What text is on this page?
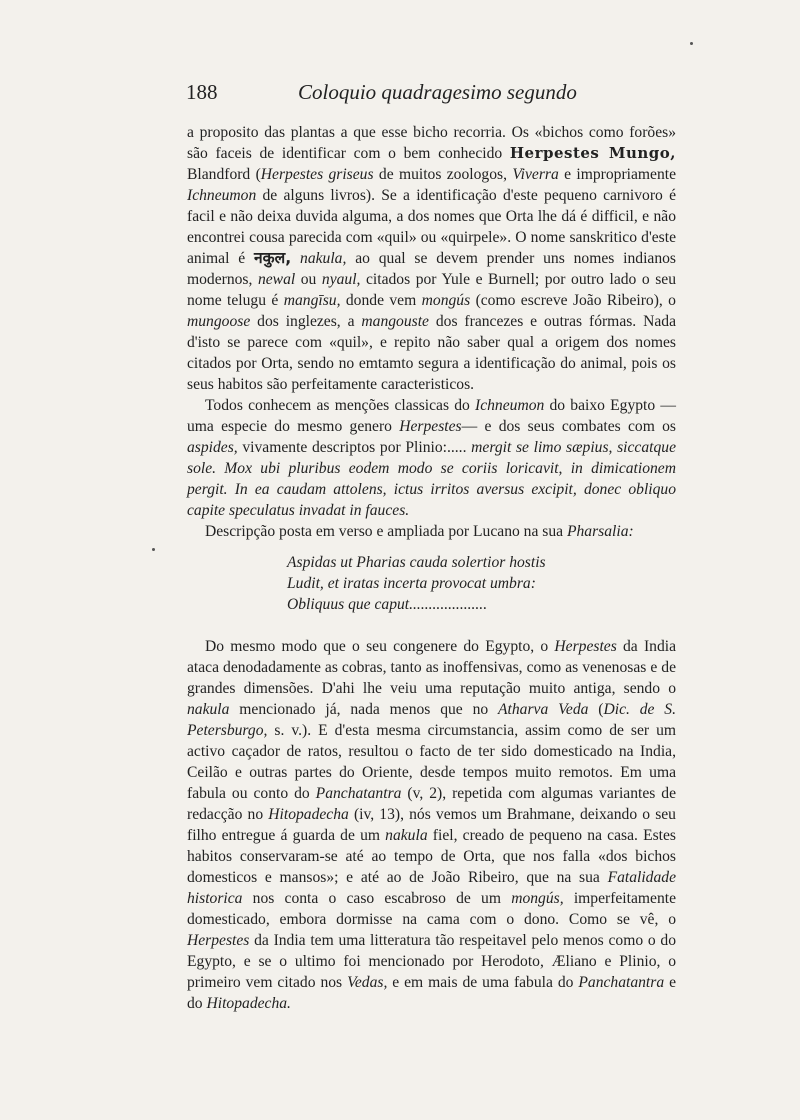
188	Coloquio quadragesimo segundo

a proposito das plantas a que esse bicho recorria. Os «bichos como forões» são faceis de identificar com o bem conhecido Herpestes Mungo, Blandford (Herpestes griseus de muitos zoologos, Viverra e impropriamente Ichneumon de alguns livros). Se a identificação d'este pequeno carnivoro é facil e não deixa duvida alguma, a dos nomes que Orta lhe dá é difficil, e não encontrei cousa parecida com «quil» ou «quirpele». O nome sanskritico d'este animal é नकुल, nakula, ao qual se devem prender uns nomes indianos modernos, newal ou nyaul, citados por Yule e Burnell; por outro lado o seu nome telugu é mangīsu, donde vem mongús (como escreve João Ribeiro), o mungoose dos inglezes, a mangouste dos francezes e outras fórmas. Nada d'isto se parece com «quil», e repito não saber qual a origem dos nomes citados por Orta, sendo no emtamto segura a identificação do animal, pois os seus habitos são perfeitamente caracteristicos.

Todos conhecem as menções classicas do Ichneumon do baixo Egypto —uma especie do mesmo genero Herpestes— e dos seus combates com os aspides, vivamente descriptos por Plinio:..... mergit se limo sæpius, siccatque sole. Mox ubi pluribus eodem modo se coriis loricavit, in dimicationem pergit. In ea caudam attolens, ictus irritos aversus excipit, donec obliquo capite speculatus invadat in fauces.

Descripção posta em verso e ampliada por Lucano na sua Pharsalia:

Aspidas ut Pharias cauda solertior hostis
Ludit, et iratas incerta provocat umbra:
Obliquus que caput....................

Do mesmo modo que o seu congenere do Egypto, o Herpestes da India ataca denodadamente as cobras, tanto as inoffensivas, como as venenosas e de grandes dimensões. D'ahi lhe veiu uma reputação muito antiga, sendo o nakula mencionado já, nada menos que no Atharva Veda (Dic. de S. Petersburgo, s. v.). E d'esta mesma circumstancia, assim como de ser um activo caçador de ratos, resultou o facto de ter sido domesticado na India, Ceilão e outras partes do Oriente, desde tempos muito remotos. Em uma fabula ou conto do Panchatantra (v, 2), repetida com algumas variantes de redacção no Hitopadecha (iv, 13), nós vemos um Brahmane, deixando o seu filho entregue á guarda de um nakula fiel, creado de pequeno na casa. Estes habitos conservaram-se até ao tempo de Orta, que nos falla «dos bichos domesticos e mansos»; e até ao de João Ribeiro, que na sua Fatalidade historica nos conta o caso escabroso de um mongús, imperfeitamente domesticado, embora dormisse na cama com o dono. Como se vê, o Herpestes da India tem uma litteratura tão respeitavel pelo menos como o do Egypto, e se o ultimo foi mencionado por Herodoto, Æliano e Plinio, o primeiro vem citado nos Vedas, e em mais de uma fabula do Panchatantra e do Hitopadecha.
